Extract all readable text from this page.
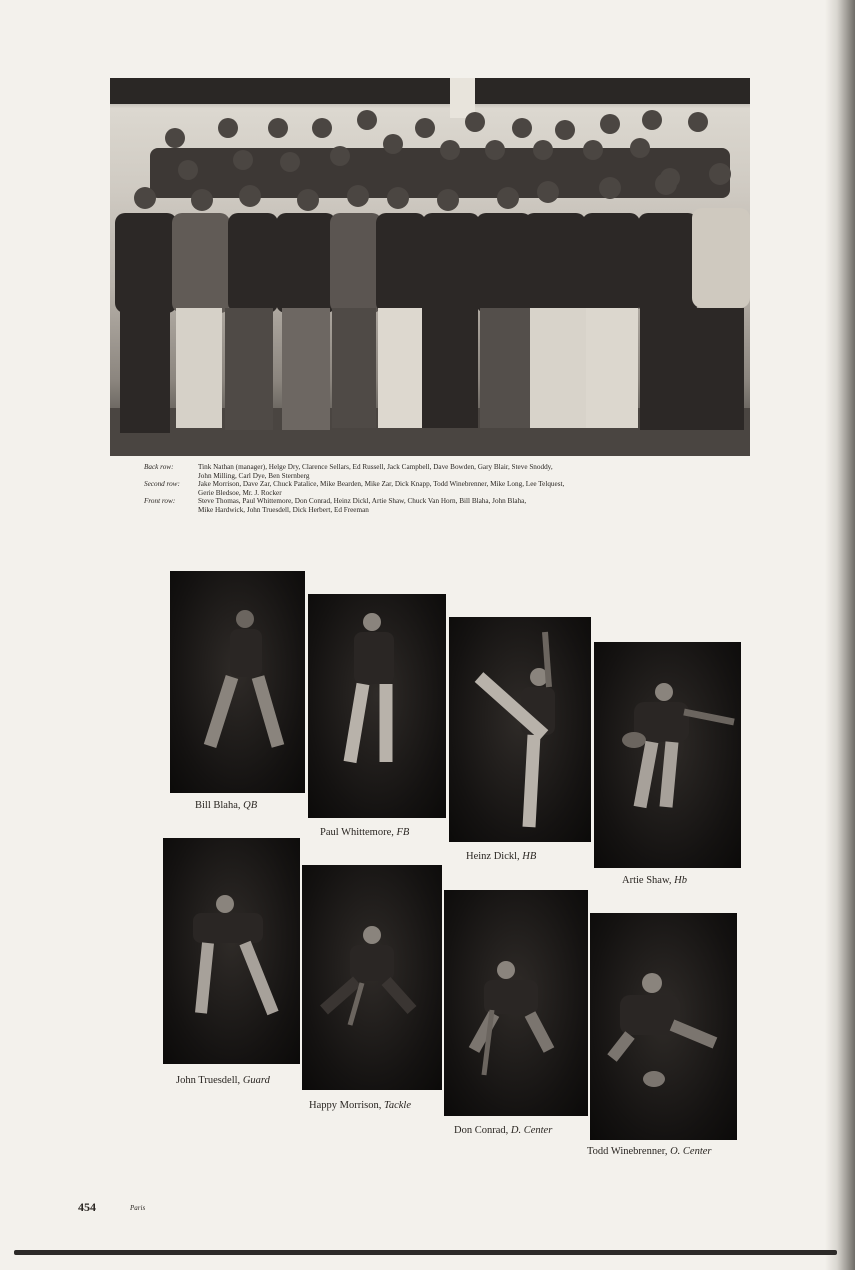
Back row:	Tink Nathan (manager), Helge Dry, Clarence Sellars, Ed Russell, Jack Campbell, Dave Bowden, Gary Blair, Steve Snoddy,
John Milling, Carl Dye, Ben Sternberg
Second row:	Jake Morrison, Dave Zar, Chuck Patalice, Mike Bearden, Mike Zar, Dick Knapp, Todd Winebrenner, Mike Long, Lee Telquest,
Gerie Bledsoe, Mr. J. Rocker
Front row:	Steve Thomas, Paul Whittemore, Don Conrad, Heinz Dickl, Artie Shaw, Chuck Van Horn, Bill Blaha, John Blaha,
Mike Hardwick, John Truesdell, Dick Herbert, Ed Freeman
Bill Blaha, QB
Paul Whittemore, FB
Heinz Dickl, HB
Artie Shaw, Hb
John Truesdell, Guard
Happy Morrison, Tackle
Don Conrad, D. Center
Todd Winebrenner, O. Center
454	Paris
